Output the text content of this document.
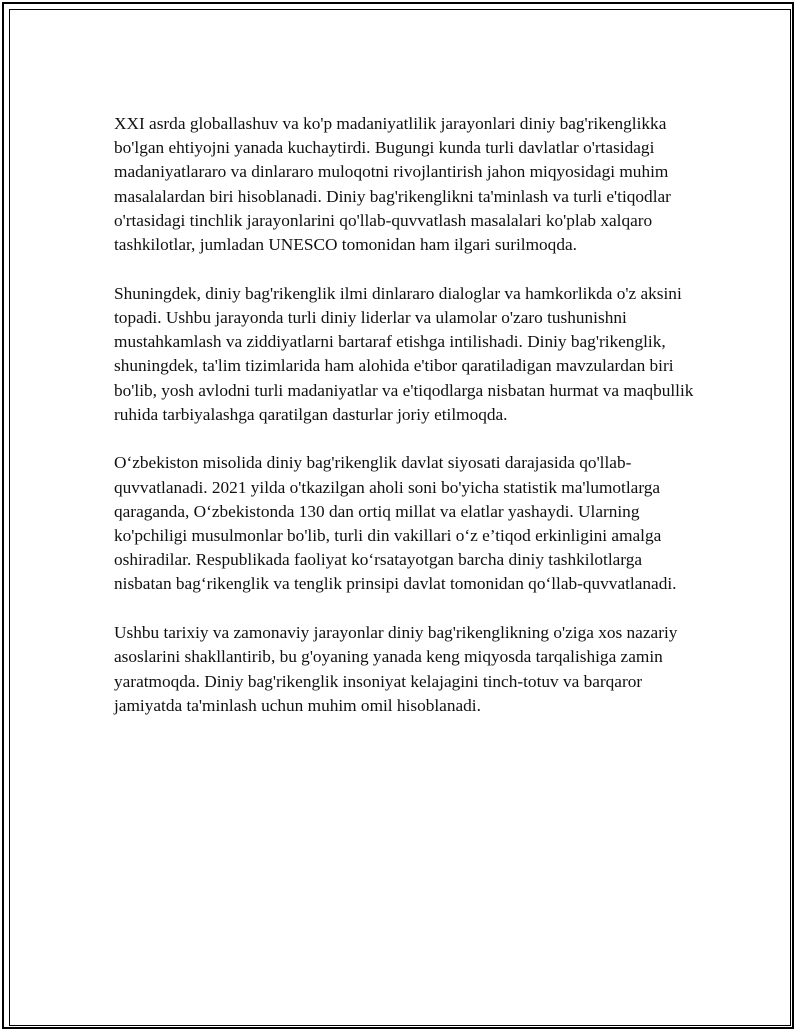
XXI asrda globallashuv va ko'p madaniyatlilik jarayonlari diniy bag'rikenglikka bo'lgan ehtiyojni yanada kuchaytirdi. Bugungi kunda turli davlatlar o'rtasidagi madaniyatlararo va dinlararo muloqotni rivojlantirish jahon miqyosidagi muhim masalalardan biri hisoblanadi. Diniy bag'rikenglikni ta'minlash va turli e'tiqodlar o'rtasidagi tinchlik jarayonlarini qo'llab-quvvatlash masalalari ko'plab xalqaro tashkilotlar, jumladan UNESCO tomonidan ham ilgari surilmoqda.

Shuningdek, diniy bag'rikenglik ilmi dinlararo dialoglar va hamkorlikda o'z aksini topadi. Ushbu jarayonda turli diniy liderlar va ulamolar o'zaro tushunishni mustahkamlash va ziddiyatlarni bartaraf etishga intilishadi. Diniy bag'rikenglik, shuningdek, ta'lim tizimlarida ham alohida e'tibor qaratiladigan mavzulardan biri bo'lib, yosh avlodni turli madaniyatlar va e'tiqodlarga nisbatan hurmat va maqbullik ruhida tarbiyalashga qaratilgan dasturlar joriy etilmoqda.

O‘zbekiston misolida diniy bag'rikenglik davlat siyosati darajasida qo'llab-quvvatlanadi. 2021 yilda o'tkazilgan aholi soni bo'yicha statistik ma'lumotlarga qaraganda, O‘zbekistonda 130 dan ortiq millat va elatlar yashaydi. Ularning ko'pchiligi musulmonlar bo'lib, turli din vakillari o‘z e’tiqod erkinligini amalga oshiradilar. Respublikada faoliyat ko‘rsatayotgan barcha diniy tashkilotlarga nisbatan bag‘rikenglik va tenglik prinsipi davlat tomonidan qo‘llab-quvvatlanadi.

Ushbu tarixiy va zamonaviy jarayonlar diniy bag'rikenglikning o'ziga xos nazariy asoslarini shakllantirib, bu g'oyaning yanada keng miqyosda tarqalishiga zamin yaratmoqda. Diniy bag'rikenglik insoniyat kelajagini tinch-totuv va barqaror jamiyatda ta'minlash uchun muhim omil hisoblanadi.
